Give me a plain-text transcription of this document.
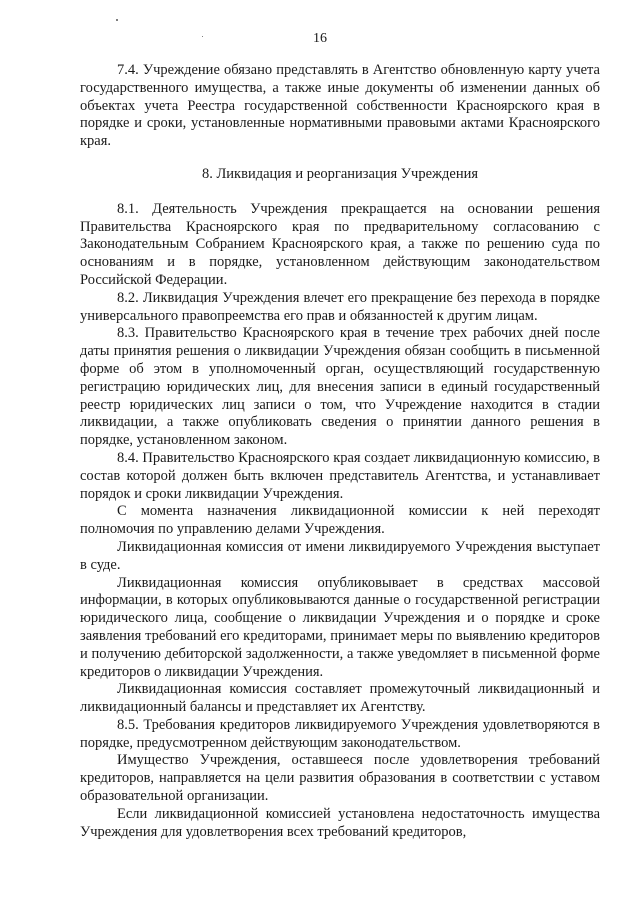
16

7.4. Учреждение обязано представлять в Агентство обновленную карту учета государственного имущества, а также иные документы об изменении данных об объектах учета Реестра государственной собственности Красноярского края в порядке и сроки, установленные нормативными правовыми актами Красноярского края.

8. Ликвидация и реорганизация Учреждения

8.1. Деятельность Учреждения прекращается на основании решения Правительства Красноярского края по предварительному согласованию с Законодательным Собранием Красноярского края, а также по решению суда по основаниям и в порядке, установленном действующим законодательством Российской Федерации.

8.2. Ликвидация Учреждения влечет его прекращение без перехода в порядке универсального правопреемства его прав и обязанностей к другим лицам.

8.3. Правительство Красноярского края в течение трех рабочих дней после даты принятия решения о ликвидации Учреждения обязан сообщить в письменной форме об этом в уполномоченный орган, осуществляющий государственную регистрацию юридических лиц, для внесения записи в единый государственный реестр юридических лиц записи о том, что Учреждение находится в стадии ликвидации, а также опубликовать сведения о принятии данного решения в порядке, установленном законом.

8.4. Правительство Красноярского края создает ликвидационную комиссию, в состав которой должен быть включен представитель Агентства, и устанавливает порядок и сроки ликвидации Учреждения.

С момента назначения ликвидационной комиссии к ней переходят полномочия по управлению делами Учреждения.

Ликвидационная комиссия от имени ликвидируемого Учреждения выступает в суде.

Ликвидационная комиссия опубликовывает в средствах массовой информации, в которых опубликовываются данные о государственной регистрации юридического лица, сообщение о ликвидации Учреждения и о порядке и сроке заявления требований его кредиторами, принимает меры по выявлению кредиторов и получению дебиторской задолженности, а также уведомляет в письменной форме кредиторов о ликвидации Учреждения.

Ликвидационная комиссия составляет промежуточный ликвидационный и ликвидационный балансы и представляет их Агентству.

8.5. Требования кредиторов ликвидируемого Учреждения удовлетворяются в порядке, предусмотренном действующим законодательством.

Имущество Учреждения, оставшееся после удовлетворения требований кредиторов, направляется на цели развития образования в соответствии с уставом образовательной организации.

Если ликвидационной комиссией установлена недостаточность имущества Учреждения для удовлетворения всех требований кредиторов,
